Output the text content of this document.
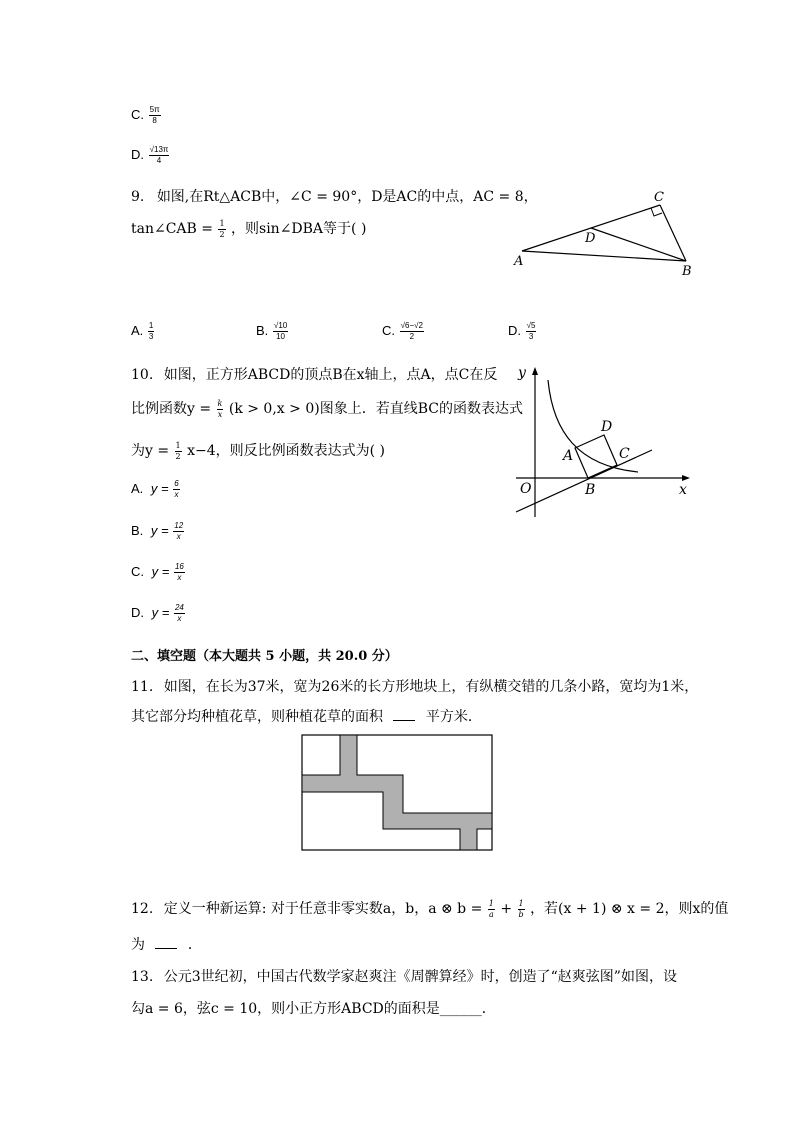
C. $\frac{5\pi}{8}$
D. $\frac{√13\pi}{4}$
9. 如图,在Rt△ACB中，∠C = 90°，D是AC的中点，AC = 8，
tan∠CAB = $\frac{1}{2}$ ，则sin∠DBA等于( )
A
B
C
D
A. $\frac{1}{3}$	B. $\frac{√10}{10}$	C. $\frac{√6-√2}{2}$	D. $\frac{√5}{3}$
10. 如图，正方形ABCD的顶点B在x轴上，点A，点C在反
比例函数$y = \frac{k}{x} (k > 0,x > 0)$图象上．若直线BC的函数表达式
为$y = \frac{1}{2} x-4$，则反比例函数表达式为( )
y
x
O
A
B
C
D
A. $y = \frac{6}{x}$
B. $y = \frac{12}{x}$
C. $y = \frac{16}{x}$
D. $y = \frac{24}{x}$
二、填空题（本大题共 5 小题，共 20.0 分）
11. 如图，在长为37米，宽为26米的长方形地块上，有纵横交错的几条小路，宽均为1米，
其它部分均种植花草，则种植花草的面积	平方米．
12. 定义一种新运算: 对于任意非零实数a，b，a ⊗ $b = \frac{1}{a} + \frac{1}{b}$ ，若(x + 1) ⊗ x = 2，则x的值
为	．
13. 公元3世纪初，中国古代数学家赵爽注《周髀算经》时，创造了“赵爽弦图”如图，设
勾a = 6，弦c = 10，则小正方形ABCD的面积是______．
